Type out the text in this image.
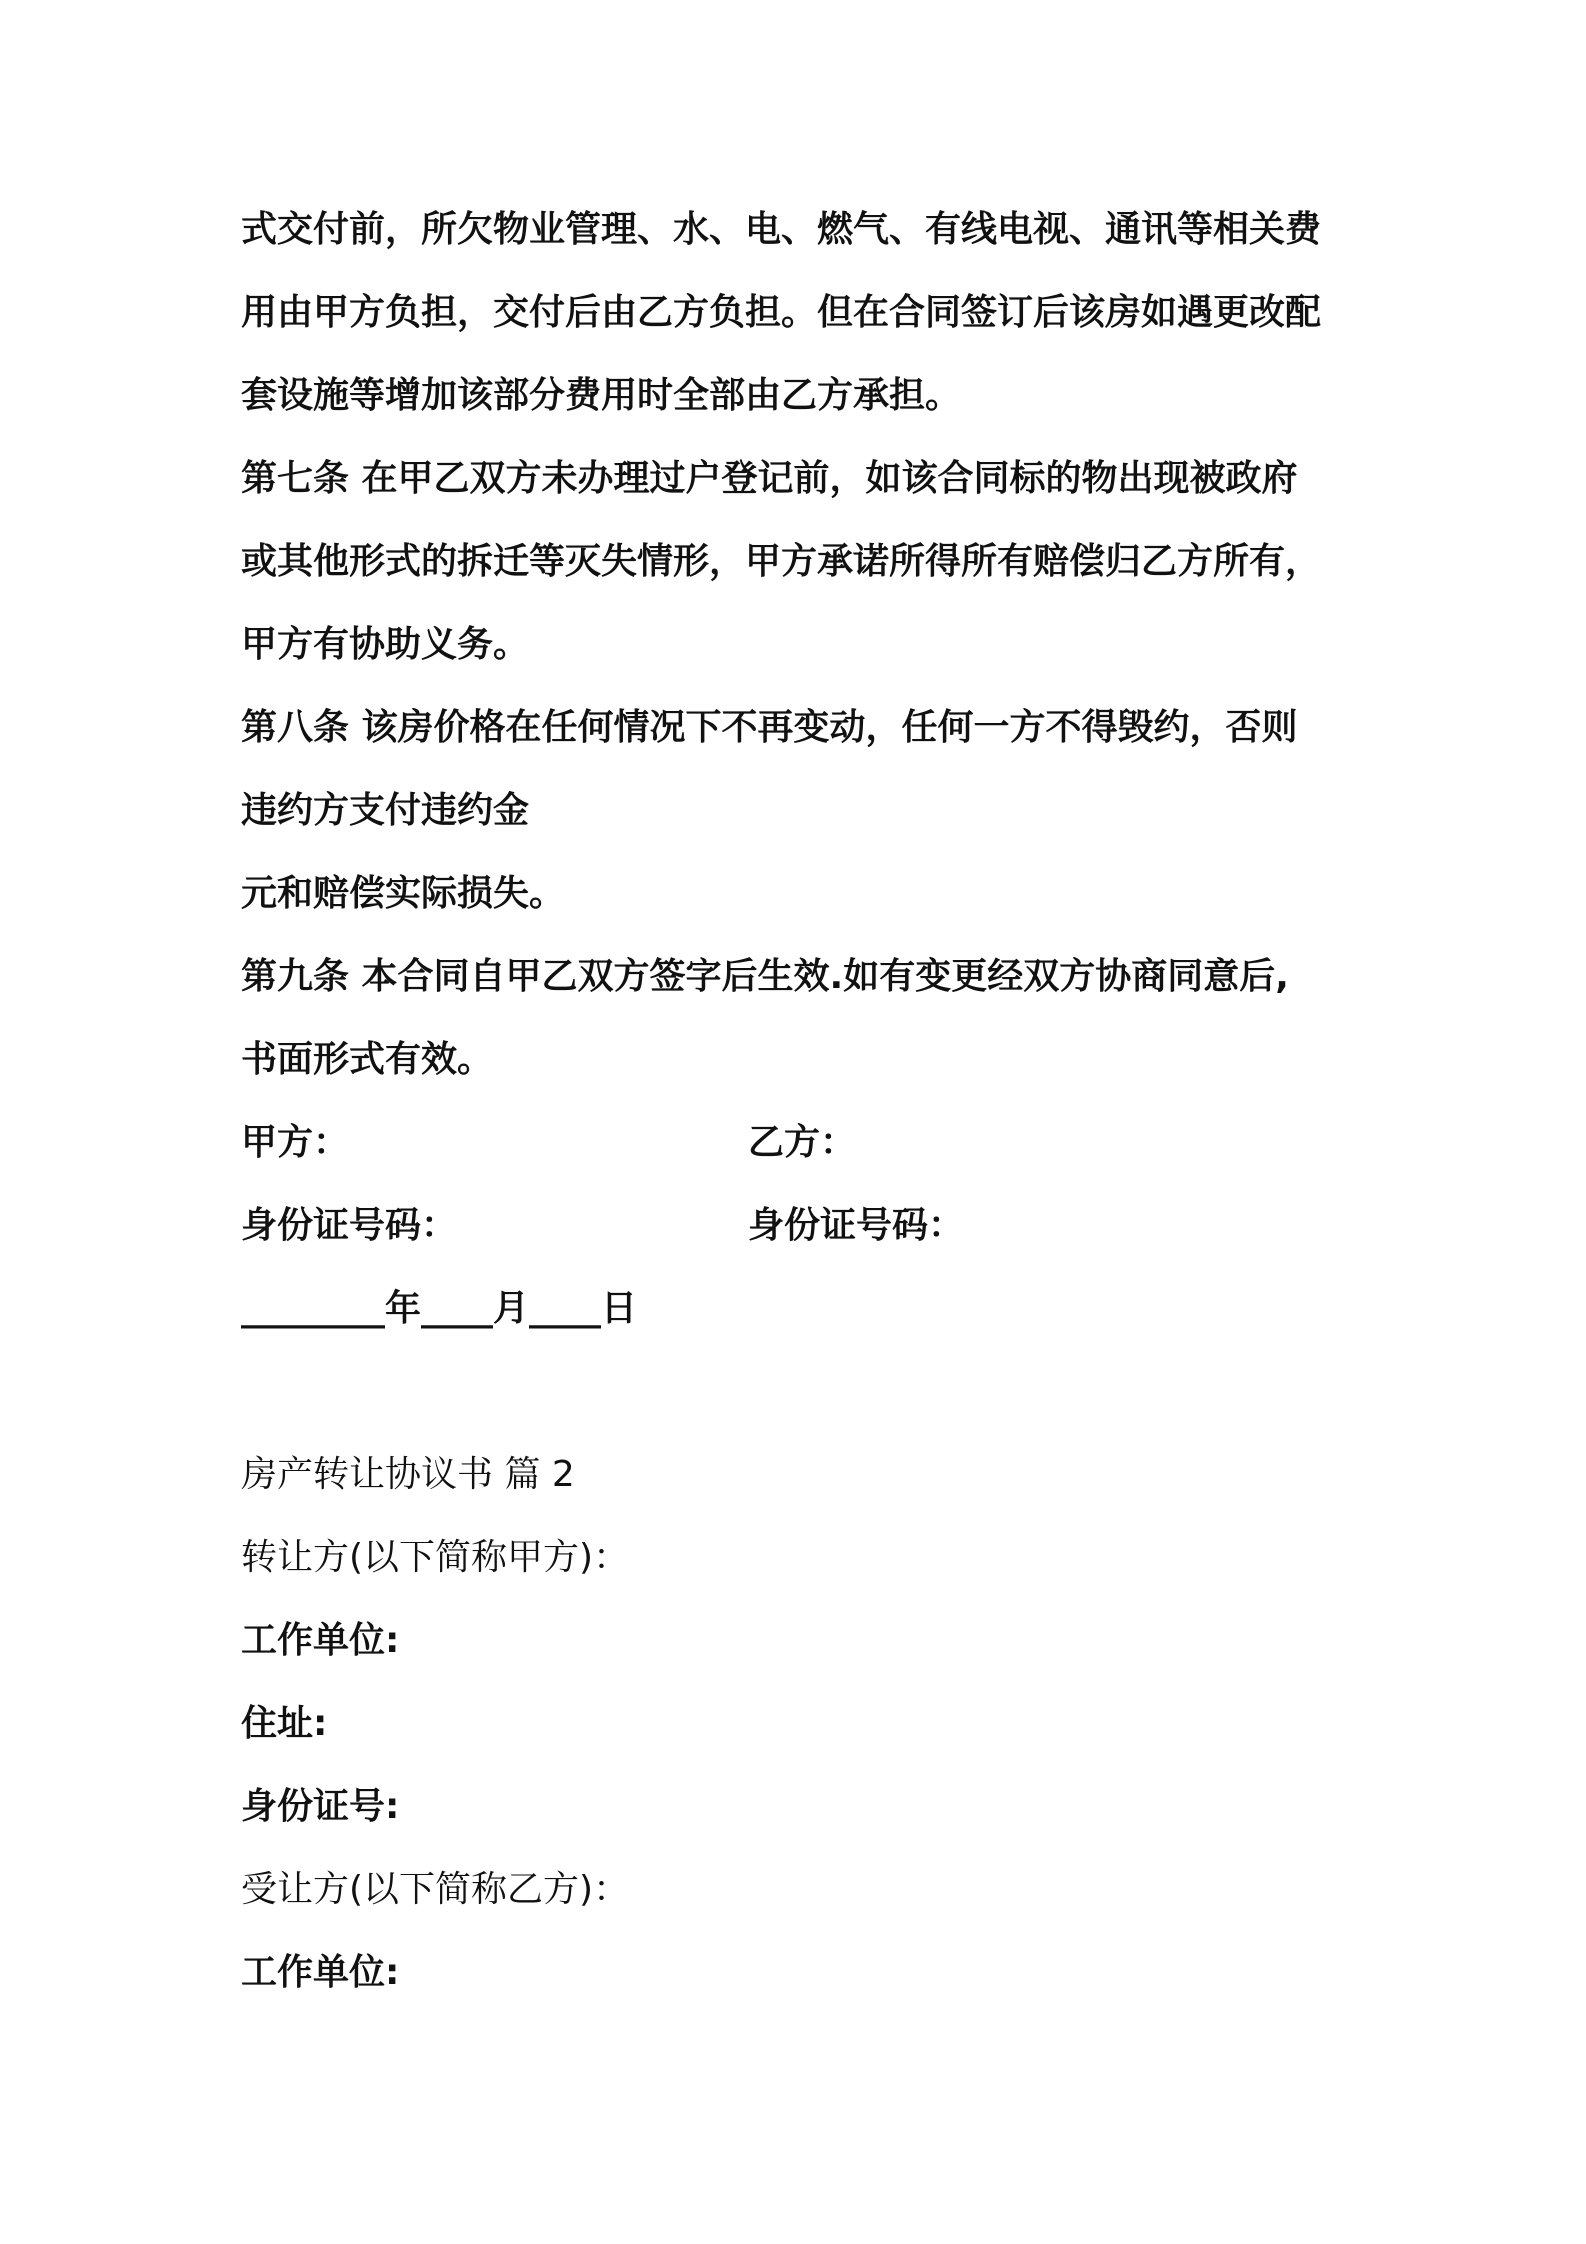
式交付前，所欠物业管理、水、电、燃气、有线电视、通讯等相关费
用由甲方负担，交付后由乙方负担。但在合同签订后该房如遇更改配
套设施等增加该部分费用时全部由乙方承担。
第七条 在甲乙双方未办理过户登记前，如该合同标的物出现被政府
或其他形式的拆迁等灭失情形，甲方承诺所得所有赔偿归乙方所有，
甲方有协助义务。
第八条 该房价格在任何情况下不再变动，任何一方不得毁约，否则
违约方支付违约金
元和赔偿实际损失。
第九条 本合同自甲乙双方签字后生效.如有变更经双方协商同意后,
书面形式有效。
甲方：	乙方：
身份证号码：	身份证号码：
________年____月____日
房产转让协议书 篇 2
转让方(以下简称甲方)：
工作单位:
住址:
身份证号:
受让方(以下简称乙方)：
工作单位:
